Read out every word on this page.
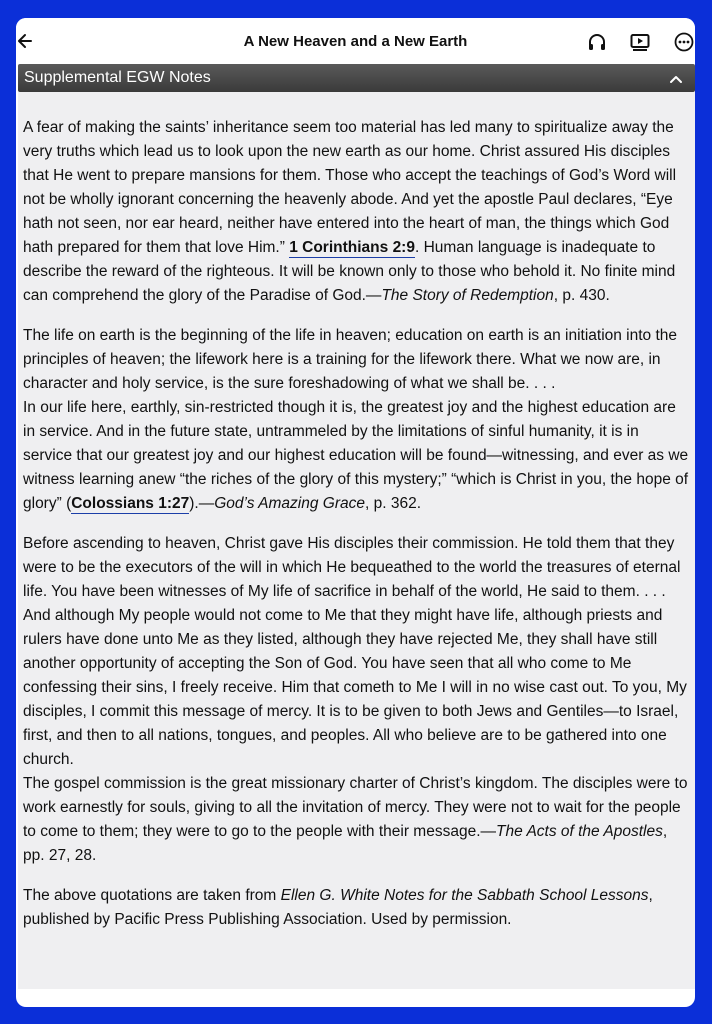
A New Heaven and a New Earth
Supplemental EGW Notes

A fear of making the saints’ inheritance seem too material has led many to spiritualize away the very truths which lead us to look upon the new earth as our home. Christ assured His disciples that He went to prepare mansions for them. Those who accept the teachings of God’s Word will not be wholly ignorant concerning the heavenly abode. And yet the apostle Paul declares, “Eye hath not seen, nor ear heard, neither have entered into the heart of man, the things which God hath prepared for them that love Him.” 1 Corinthians 2:9. Human language is inadequate to describe the reward of the righteous. It will be known only to those who behold it. No finite mind can comprehend the glory of the Paradise of God.—The Story of Redemption, p. 430.

The life on earth is the beginning of the life in heaven; education on earth is an initiation into the principles of heaven; the lifework here is a training for the lifework there. What we now are, in character and holy service, is the sure foreshadowing of what we shall be. . . .

In our life here, earthly, sin-restricted though it is, the greatest joy and the highest education are in service. And in the future state, untrammeled by the limitations of sinful humanity, it is in service that our greatest joy and our highest education will be found—witnessing, and ever as we witness learning anew “the riches of the glory of this mystery;” “which is Christ in you, the hope of glory” (Colossians 1:27).—God’s Amazing Grace, p. 362.

Before ascending to heaven, Christ gave His disciples their commission. He told them that they were to be the executors of the will in which He bequeathed to the world the treasures of eternal life. You have been witnesses of My life of sacrifice in behalf of the world, He said to them. . . . And although My people would not come to Me that they might have life, although priests and rulers have done unto Me as they listed, although they have rejected Me, they shall have still another opportunity of accepting the Son of God. You have seen that all who come to Me confessing their sins, I freely receive. Him that cometh to Me I will in no wise cast out. To you, My disciples, I commit this message of mercy. It is to be given to both Jews and Gentiles—to Israel, first, and then to all nations, tongues, and peoples. All who believe are to be gathered into one church.

The gospel commission is the great missionary charter of Christ’s kingdom. The disciples were to work earnestly for souls, giving to all the invitation of mercy. They were not to wait for the people to come to them; they were to go to the people with their message.—The Acts of the Apostles, pp. 27, 28.

The above quotations are taken from Ellen G. White Notes for the Sabbath School Lessons, published by Pacific Press Publishing Association. Used by permission.
